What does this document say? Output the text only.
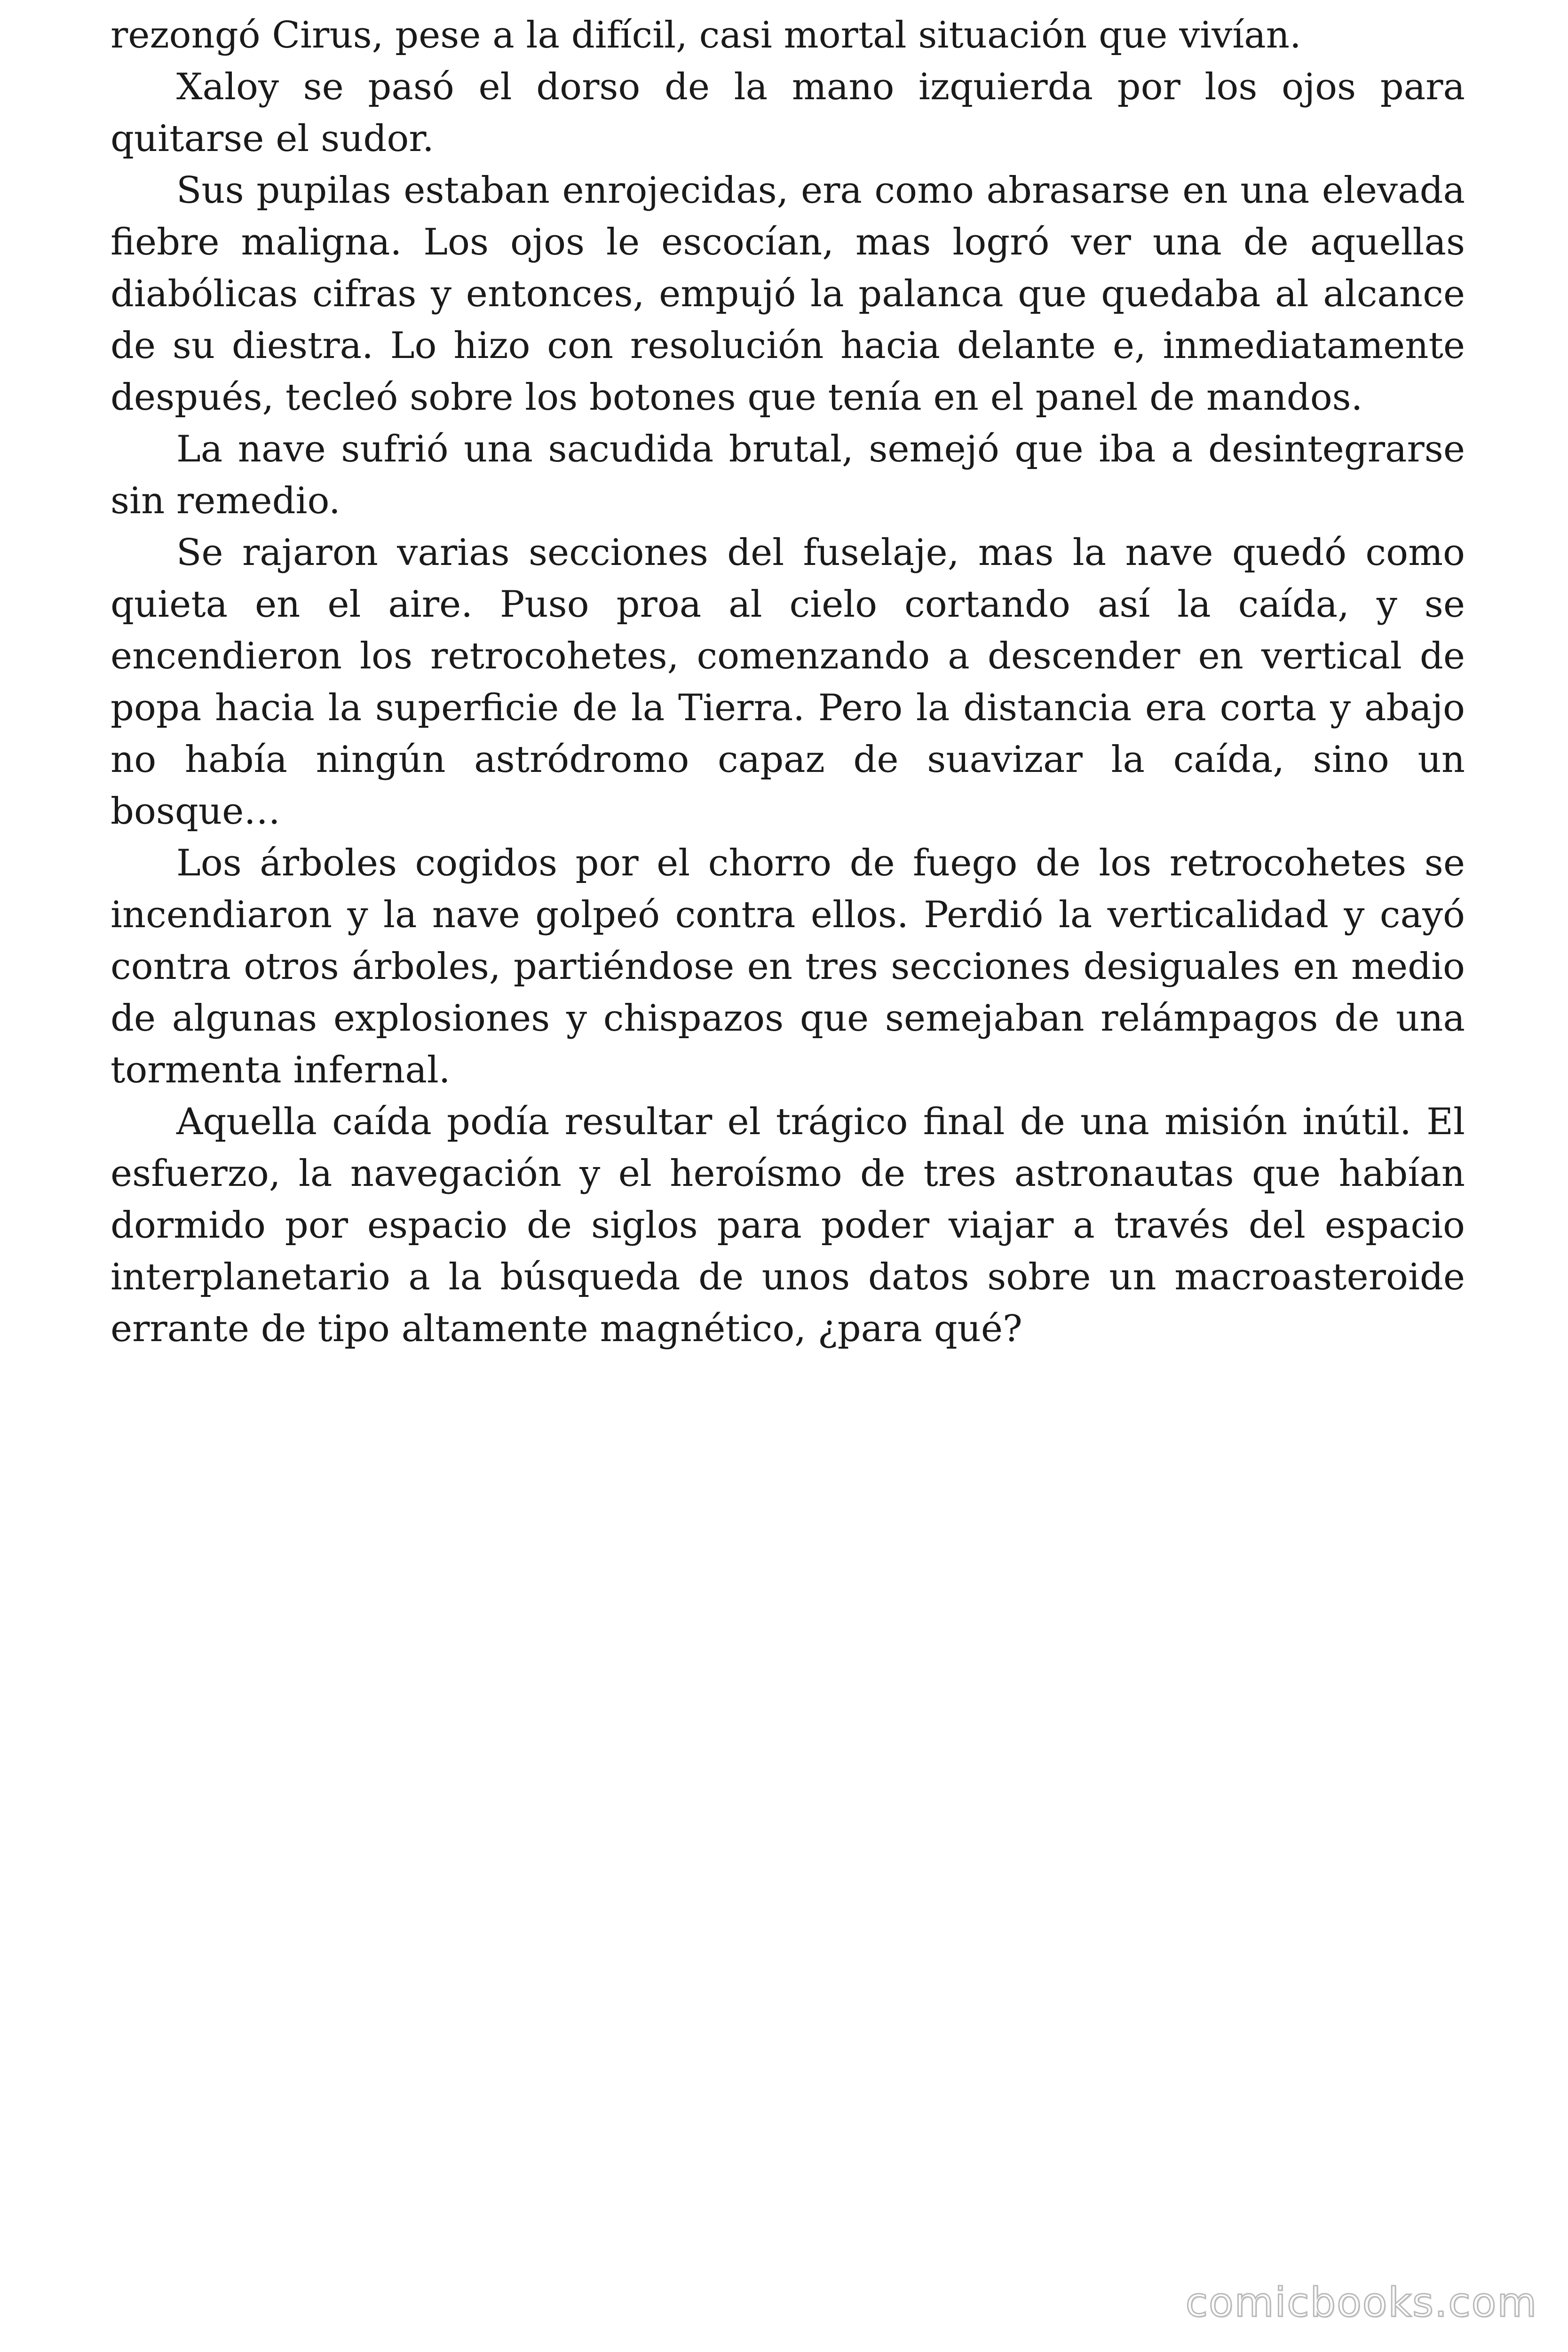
rezongó Cirus, pese a la difícil, casi mortal situación que vivían.

Xaloy se pasó el dorso de la mano izquierda por los ojos para quitarse el sudor.

Sus pupilas estaban enrojecidas, era como abrasarse en una elevada fiebre maligna. Los ojos le escocían, mas logró ver una de aquellas diabólicas cifras y entonces, empujó la palanca que quedaba al alcance de su diestra. Lo hizo con resolución hacia delante e, inmediatamente después, tecleó sobre los botones que tenía en el panel de mandos.

La nave sufrió una sacudida brutal, semejó que iba a desintegrarse sin remedio.

Se rajaron varias secciones del fuselaje, mas la nave quedó como quieta en el aire. Puso proa al cielo cortando así la caída, y se encendieron los retrocohetes, comenzando a descender en vertical de popa hacia la superficie de la Tierra. Pero la distancia era corta y abajo no había ningún astródromo capaz de suavizar la caída, sino un bosque…

Los árboles cogidos por el chorro de fuego de los retrocohetes se incendiaron y la nave golpeó contra ellos. Perdió la verticalidad y cayó contra otros árboles, partiéndose en tres secciones desiguales en medio de algunas explosiones y chispazos que semejaban relámpagos de una tormenta infernal.

Aquella caída podía resultar el trágico final de una misión inútil. El esfuerzo, la navegación y el heroísmo de tres astronautas que habían dormido por espacio de siglos para poder viajar a través del espacio interplanetario a la búsqueda de unos datos sobre un macroasteroide errante de tipo altamente magnético, ¿para qué?

comicbooks.com
